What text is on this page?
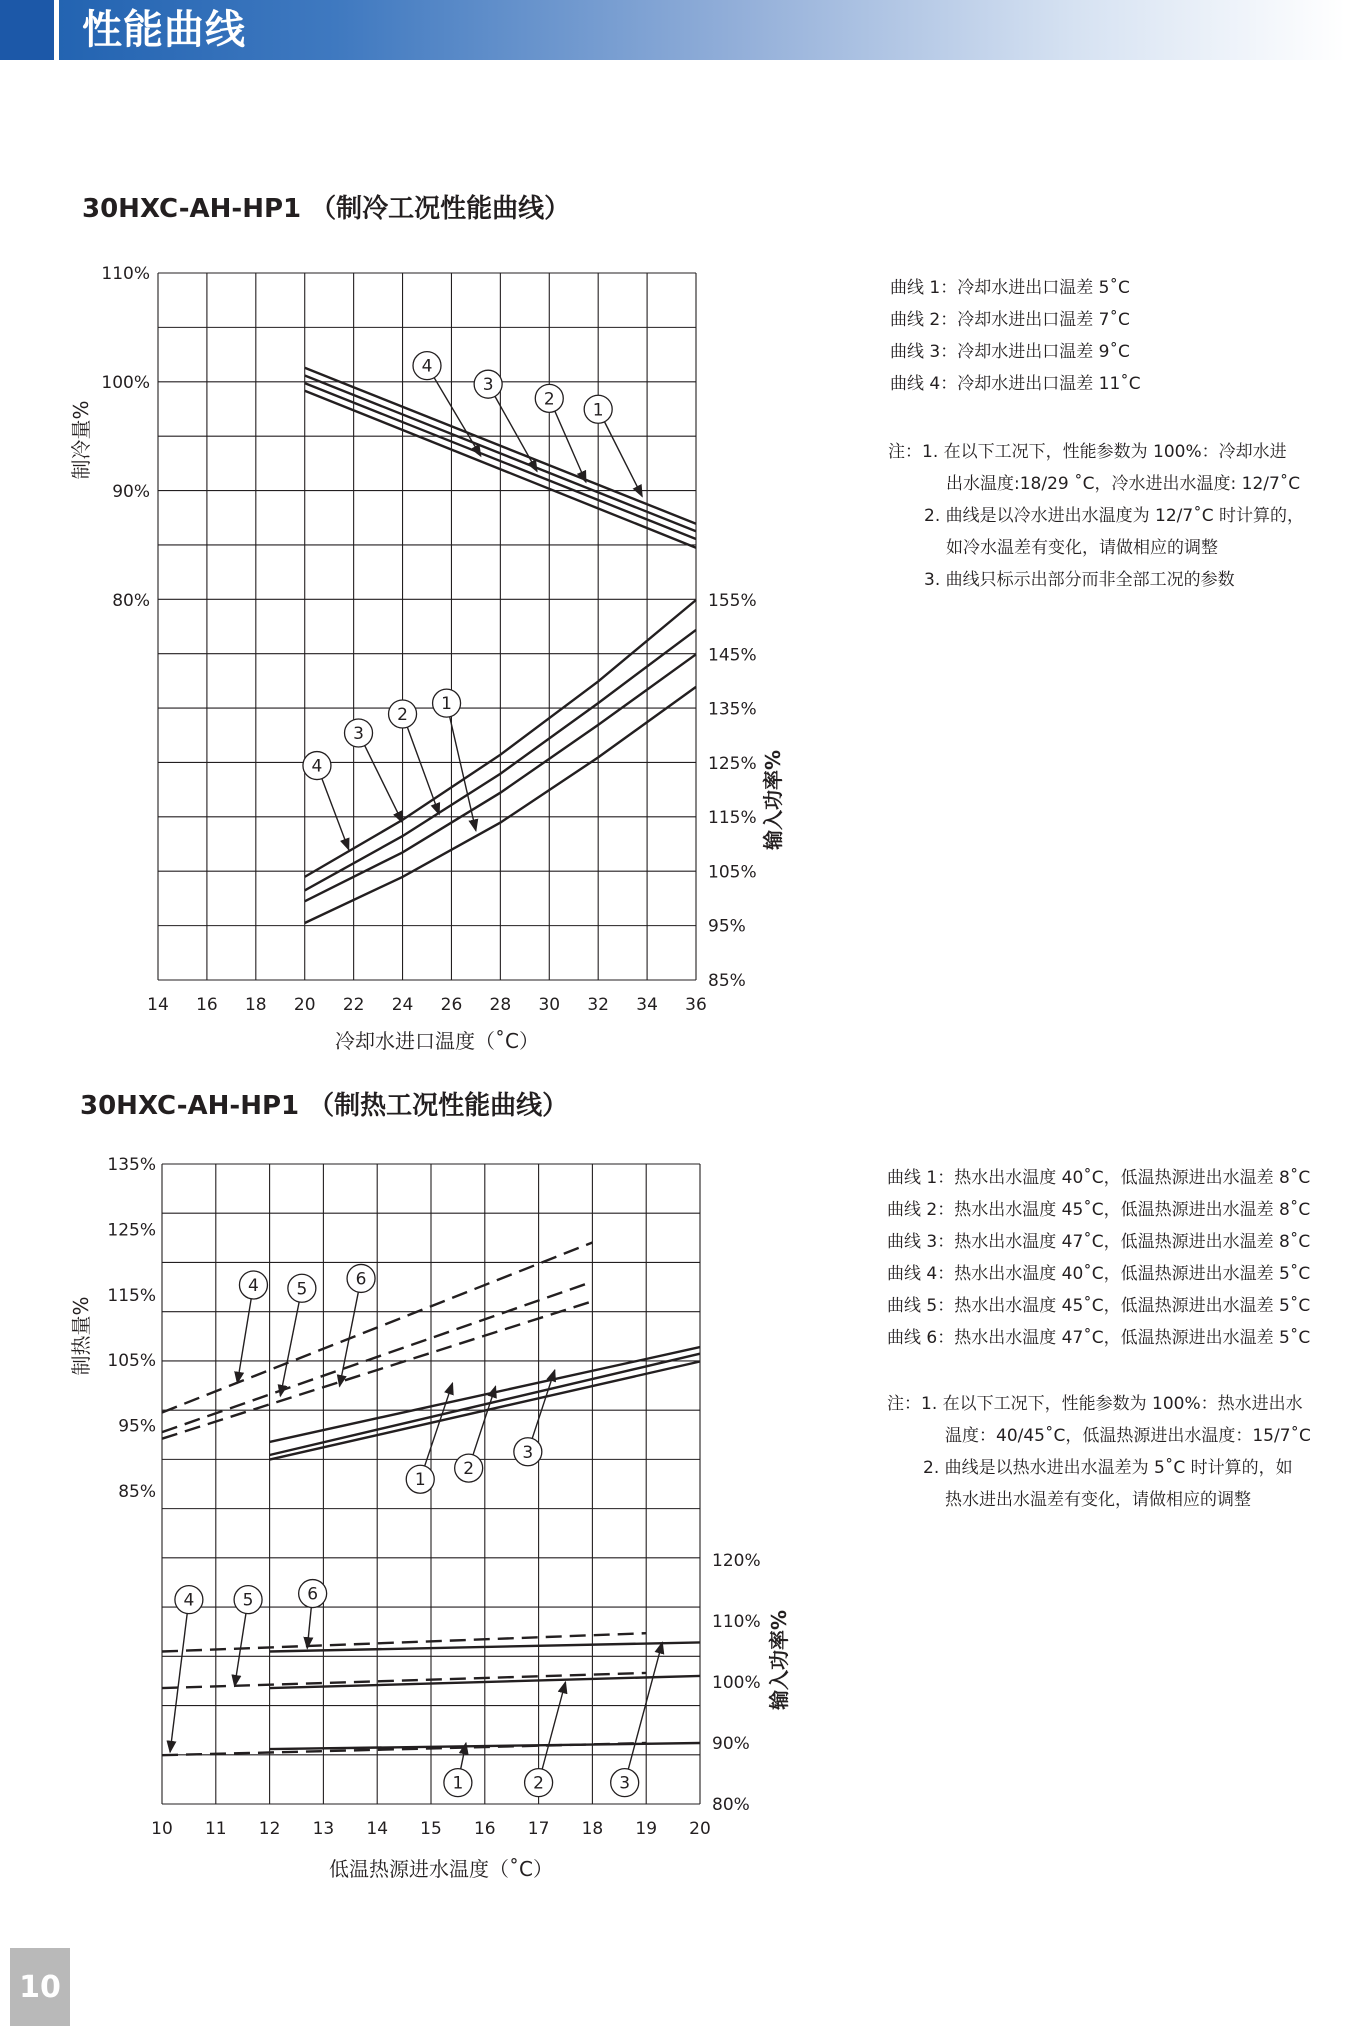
性能曲线
30HXC-AH-HP1 （制冷工况性能曲线）
14 16 18 20 22 24 26 28 30 32 34 36
110%
100%
90%
80%	155%
145%
135%
125%
115%
105%
95%
85%
冷却水进口温度（˚C）
制冷量%
输入功率%
4
3
2
1
1
2
3
4
曲线 1：冷却水进出口温差 5˚C
曲线 2：冷却水进出口温差 7˚C
曲线 3：冷却水进出口温差 9˚C
曲线 4：冷却水进出口温差 11˚C
注：1. 在以下工况下，性能参数为 100%：冷却水进
出水温度:18/29 ˚C，冷水进出水温度: 12/7˚C
2. 曲线是以冷水进出水温度为 12/7˚C 时计算的，
如冷水温差有变化，请做相应的调整
3. 曲线只标示出部分而非全部工况的参数
30HXC-AH-HP1 （制热工况性能曲线）
10 11 12 13 14 15 16 17 18 19 20
135%
125%
115%
105%
95%
85%
120%
110%
100%
90%
80%
低温热源进水温度（˚C）
制热量%
输入功率%
4 5	6
1
2
3
4	5	6
1	2	3
曲线 1：热水出水温度 40˚C，低温热源进出水温差 8˚C
曲线 2：热水出水温度 45˚C，低温热源进出水温差 8˚C
曲线 3：热水出水温度 47˚C，低温热源进出水温差 8˚C
曲线 4：热水出水温度 40˚C，低温热源进出水温差 5˚C
曲线 5：热水出水温度 45˚C，低温热源进出水温差 5˚C
曲线 6：热水出水温度 47˚C，低温热源进出水温差 5˚C
注：1. 在以下工况下，性能参数为 100%：热水进出水
温度：40/45˚C，低温热源进出水温度：15/7˚C
2. 曲线是以热水进出水温差为 5˚C 时计算的，如
热水进出水温差有变化，请做相应的调整
10
